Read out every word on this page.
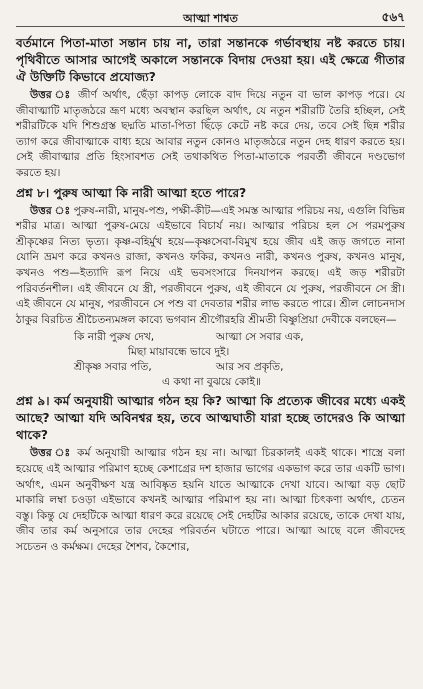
আত্মা শাশ্বত	৫৬৭

বর্তমানে পিতা-মাতা সন্তান চায় না, তারা সন্তানকে গর্ভাবস্থায় নষ্ট করতে চায়। পৃথিবীতে আসার আগেই অকালে সন্তানকে বিদায় দেওয়া হয়। এই ক্ষেত্রে গীতার ঐ উক্তিটি কিভাবে প্রযোজ্য?

উত্তর ঃ জীর্ণ অর্থাৎ, ছেঁড়া কাপড় লোকে বাদ দিয়ে নতুন বা ভাল কাপড় পরে। যে জীবাত্মাটি মাতৃজঠরে ভ্রূণ মধ্যে অবস্থান করছিল অর্থাৎ, যে নতুন শরীরটি তৈরি হচ্ছিল, সেই শরীরটিকে যদি শিশুগ্রস্ত ছদ্মতি মাতা-পিতা ছিঁড়ে কেটে নষ্ট করে দেয়, তবে সেই ছিন্ন শরীর ত্যাগ করে জীবাত্মাকে বাধ্য হয়ে আবার নতুন কোনও মাতৃজঠরে নতুন দেহ ধারণ করতে হয়। সেই জীবাত্মার প্রতি হিংসাবশত সেই তথাকথিত পিতা-মাতাকে পরবর্তী জীবনে দণ্ডভোগ করতে হয়।

প্রশ্ন ৮। পুরুষ আত্মা কি নারী আত্মা হতে পারে?

উত্তর ঃ পুরুষ-নারী, মানুষ-পশু, পক্ষী-কীট—এই সমস্ত আত্মার পরিচয় নয়, এগুলি বিভিন্ন শরীর মাত্র। আত্মা পুরুষ-মেয়ে এইভাবে বিচার্য নয়। আত্মার পরিচয় হল সে পরমপুরুষ শ্রীকৃষ্ণের নিত্য ভৃত্য। কৃষ্ণ-বহির্মুখ হয়ে—কৃষ্ণসেবা-বিমুখ হয়ে জীব এই জড় জগতে নানা যোনি ভ্রমণ করে কখনও রাজা, কখনও ফকির, কখনও নারী, কখনও পুরুষ, কখনও মানুষ, কখনও পশু—ইত্যাদি রূপ নিয়ে এই ভবসংসারে দিনযাপন করছে। এই জড় শরীরটা পরিবর্তনশীল। এই জীবনে যে স্ত্রী, পরজীবনে পুরুষ, এই জীবনে যে পুরুষ, পরজীবনে সে স্ত্রী। এই জীবনে যে মানুষ, পরজীবনে সে পশু বা দেবতার শরীর লাভ করতে পারে। শ্রীল লোচনদাস ঠাকুর বিরচিত শ্রীচৈতন্যমঙ্গল কাব্যে ভগবান শ্রীগৌরহরি শ্রীমতী বিষ্ণুপ্রিয়া দেবীকে বলছেন—

কি নারী পুরুষ দেখ,	আত্মা সে সবার এক,
মিছা মায়াবন্ধে ভাবে দুই।
শ্রীকৃষ্ণ সবার পতি,	আর সব প্রকৃতি,
এ কথা না বুঝয়ে কোই॥

প্রশ্ন ৯। কর্ম অনুযায়ী আত্মার গঠন হয় কি? আত্মা কি প্রত্যেক জীবের মধ্যে একই আছে? আত্মা যদি অবিনশ্বর হয়, তবে আত্মঘাতী যারা হচ্ছে তাদেরও কি আত্মা থাকে?

উত্তর ঃ কর্ম অনুযায়ী আত্মার গঠন হয় না। আত্মা চিরকালই একই থাকে। শাস্ত্রে বলা হয়েছে এই আত্মার পরিমাণ হচ্ছে কেশাগ্রের দশ হাজার ভাগের একভাগ করে তার একটি ভাগ। অর্থাৎ, এমন অনুবীক্ষণ যন্ত্র আবিষ্কৃত হয়নি যাতে আত্মাকে দেখা যাবে। আত্মা বড় ছোট মাকারি লম্বা চওড়া এইভাবে কখনই আত্মার পরিমাপ হয় না। আত্মা চিৎকণা অর্থাৎ, চেতন বস্তু। কিন্তু যে দেহটিকে আত্মা ধারণ করে রয়েছে সেই দেহটির আকার রয়েছে, তাকে দেখা যায়, জীব তার কর্ম অনুসারে তার দেহের পরিবর্তন ঘটাতে পারে। আত্মা আছে বলে জীবদেহ সচেতন ও কর্মক্ষম। দেহের শৈশব, কৈশোর,
